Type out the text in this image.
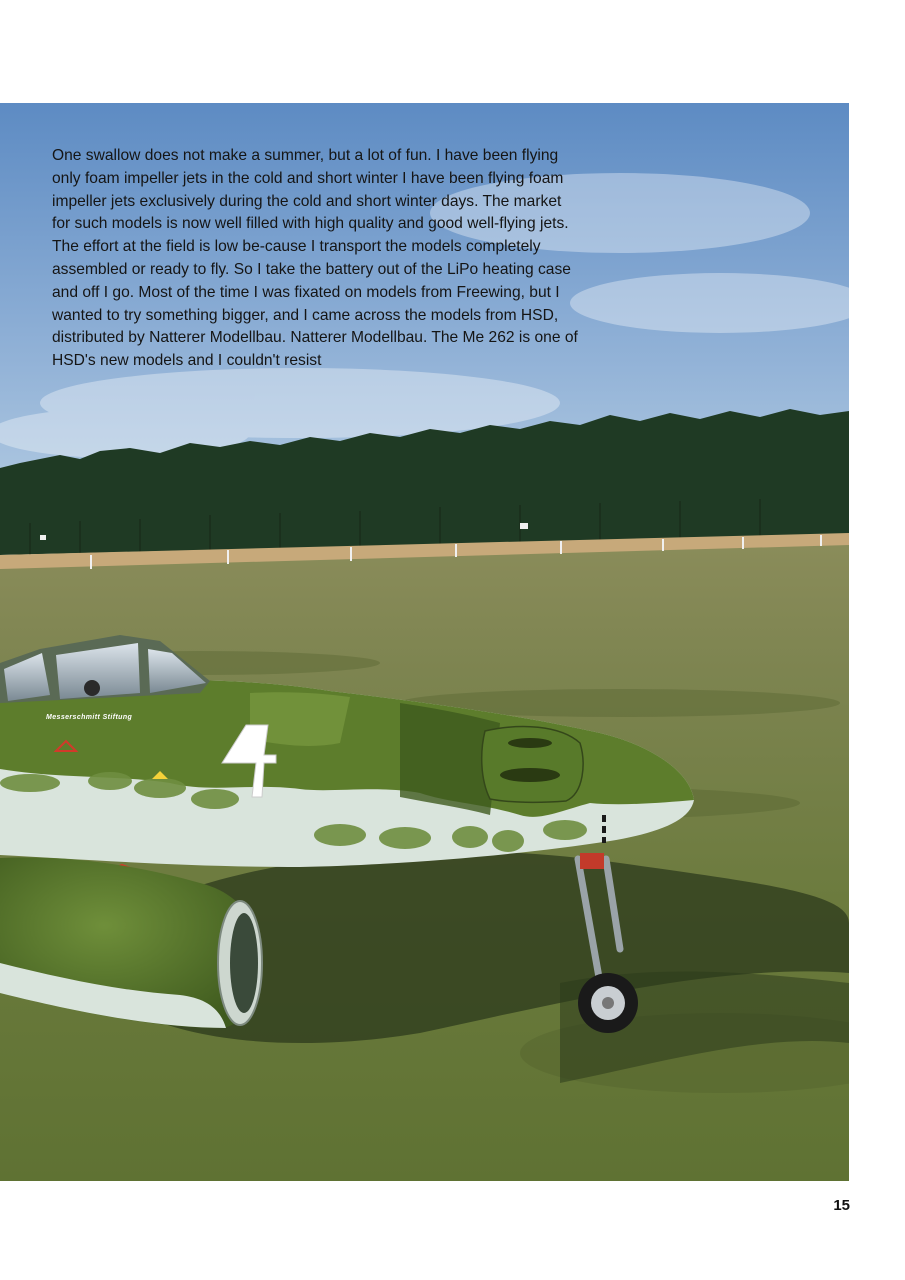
Messerschmitt Stiftung

One swallow does not make a summer, but a lot of fun. I have been flying only foam impeller jets in the cold and short winter I have been flying foam impeller jets exclusively during the cold and short winter days. The market for such models is now well filled with high quality and good well-flying jets. The effort at the field is low be-cause I transport the models completely assembled or ready to fly. So I take the battery out of the LiPo heating case and off I go. Most of the time I was fixated on models from Freewing, but I wanted to try something bigger, and I came across the models from HSD, distributed by Natterer Modellbau. Natterer Modellbau. The Me 262 is one of HSD's new models and I couldn't resist

15
